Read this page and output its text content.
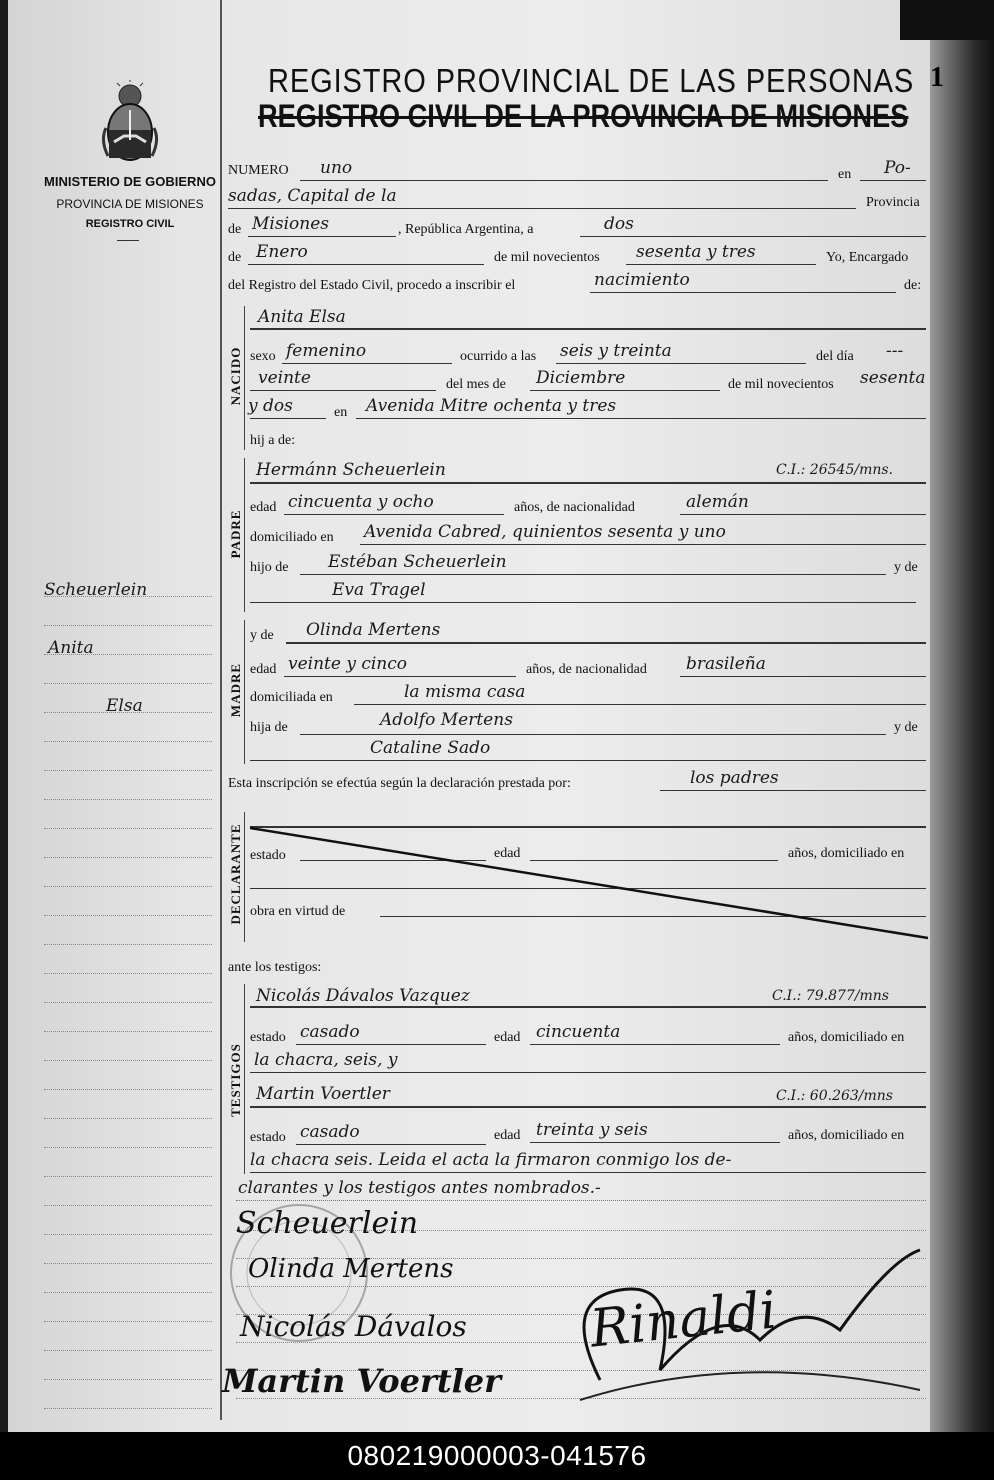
REGISTRO PROVINCIAL DE LAS PERSONAS
REGISTRO CIVIL DE LA PROVINCIA DE MISIONES
1
MINISTERIO DE GOBIERNO
PROVINCIA DE MISIONES
REGISTRO CIVIL
Scheuerlein
Anita
Elsa
NUMERO uno	en Po-
sadas, Capital de la	Provincia
de Misiones	, República Argentina, a	dos
de Enero	de mil novecientos sesenta y tres	Yo, Encargado
del Registro del Estado Civil, procedo a inscribir el	nacimiento	de:
NACIDO
Anita Elsa
sexo femenino	ocurrido a las seis y treinta	del día ---
veinte	del mes de Diciembre	de mil novecientos sesenta
y dos	en Avenida Mitre ochenta y tres
hij a de:
PADRE
Hermánn Scheuerlein	C.I.: 26545/mns.
edad cincuenta y ocho	años, de nacionalidad	alemán
domiciliado en Avenida Cabred, quinientos sesenta y uno
hijo de Estéban Scheuerlein	y de
Eva Tragel
MADRE
y de Olinda Mertens
edad veinte y cinco	años, de nacionalidad brasileña
domiciliada en	la misma casa
hija de	Adolfo Mertens	y de
Cataline Sado
Esta inscripción se efectúa según la declaración prestada por:	los padres
DECLARANTE estado	edad	años, domiciliado en
obra en virtud de
ante los testigos:
TESTIGOS
Nicolás Dávalos Vazquez	C.I.: 79.877/mns
estado casado	edad cincuenta	años, domiciliado en
la chacra, seis, y
Martin Voertler	C.I.: 60.263/mns
estado casado	edad treinta y seis	años, domiciliado en
la chacra seis. Leida el acta la firmaron conmigo los de-
clarantes y los testigos antes nombrados.-
Scheuerlein
Olinda Mertens
Nicolás Dávalos
Martin Voertler
Rinaldi
080219000003-041576
